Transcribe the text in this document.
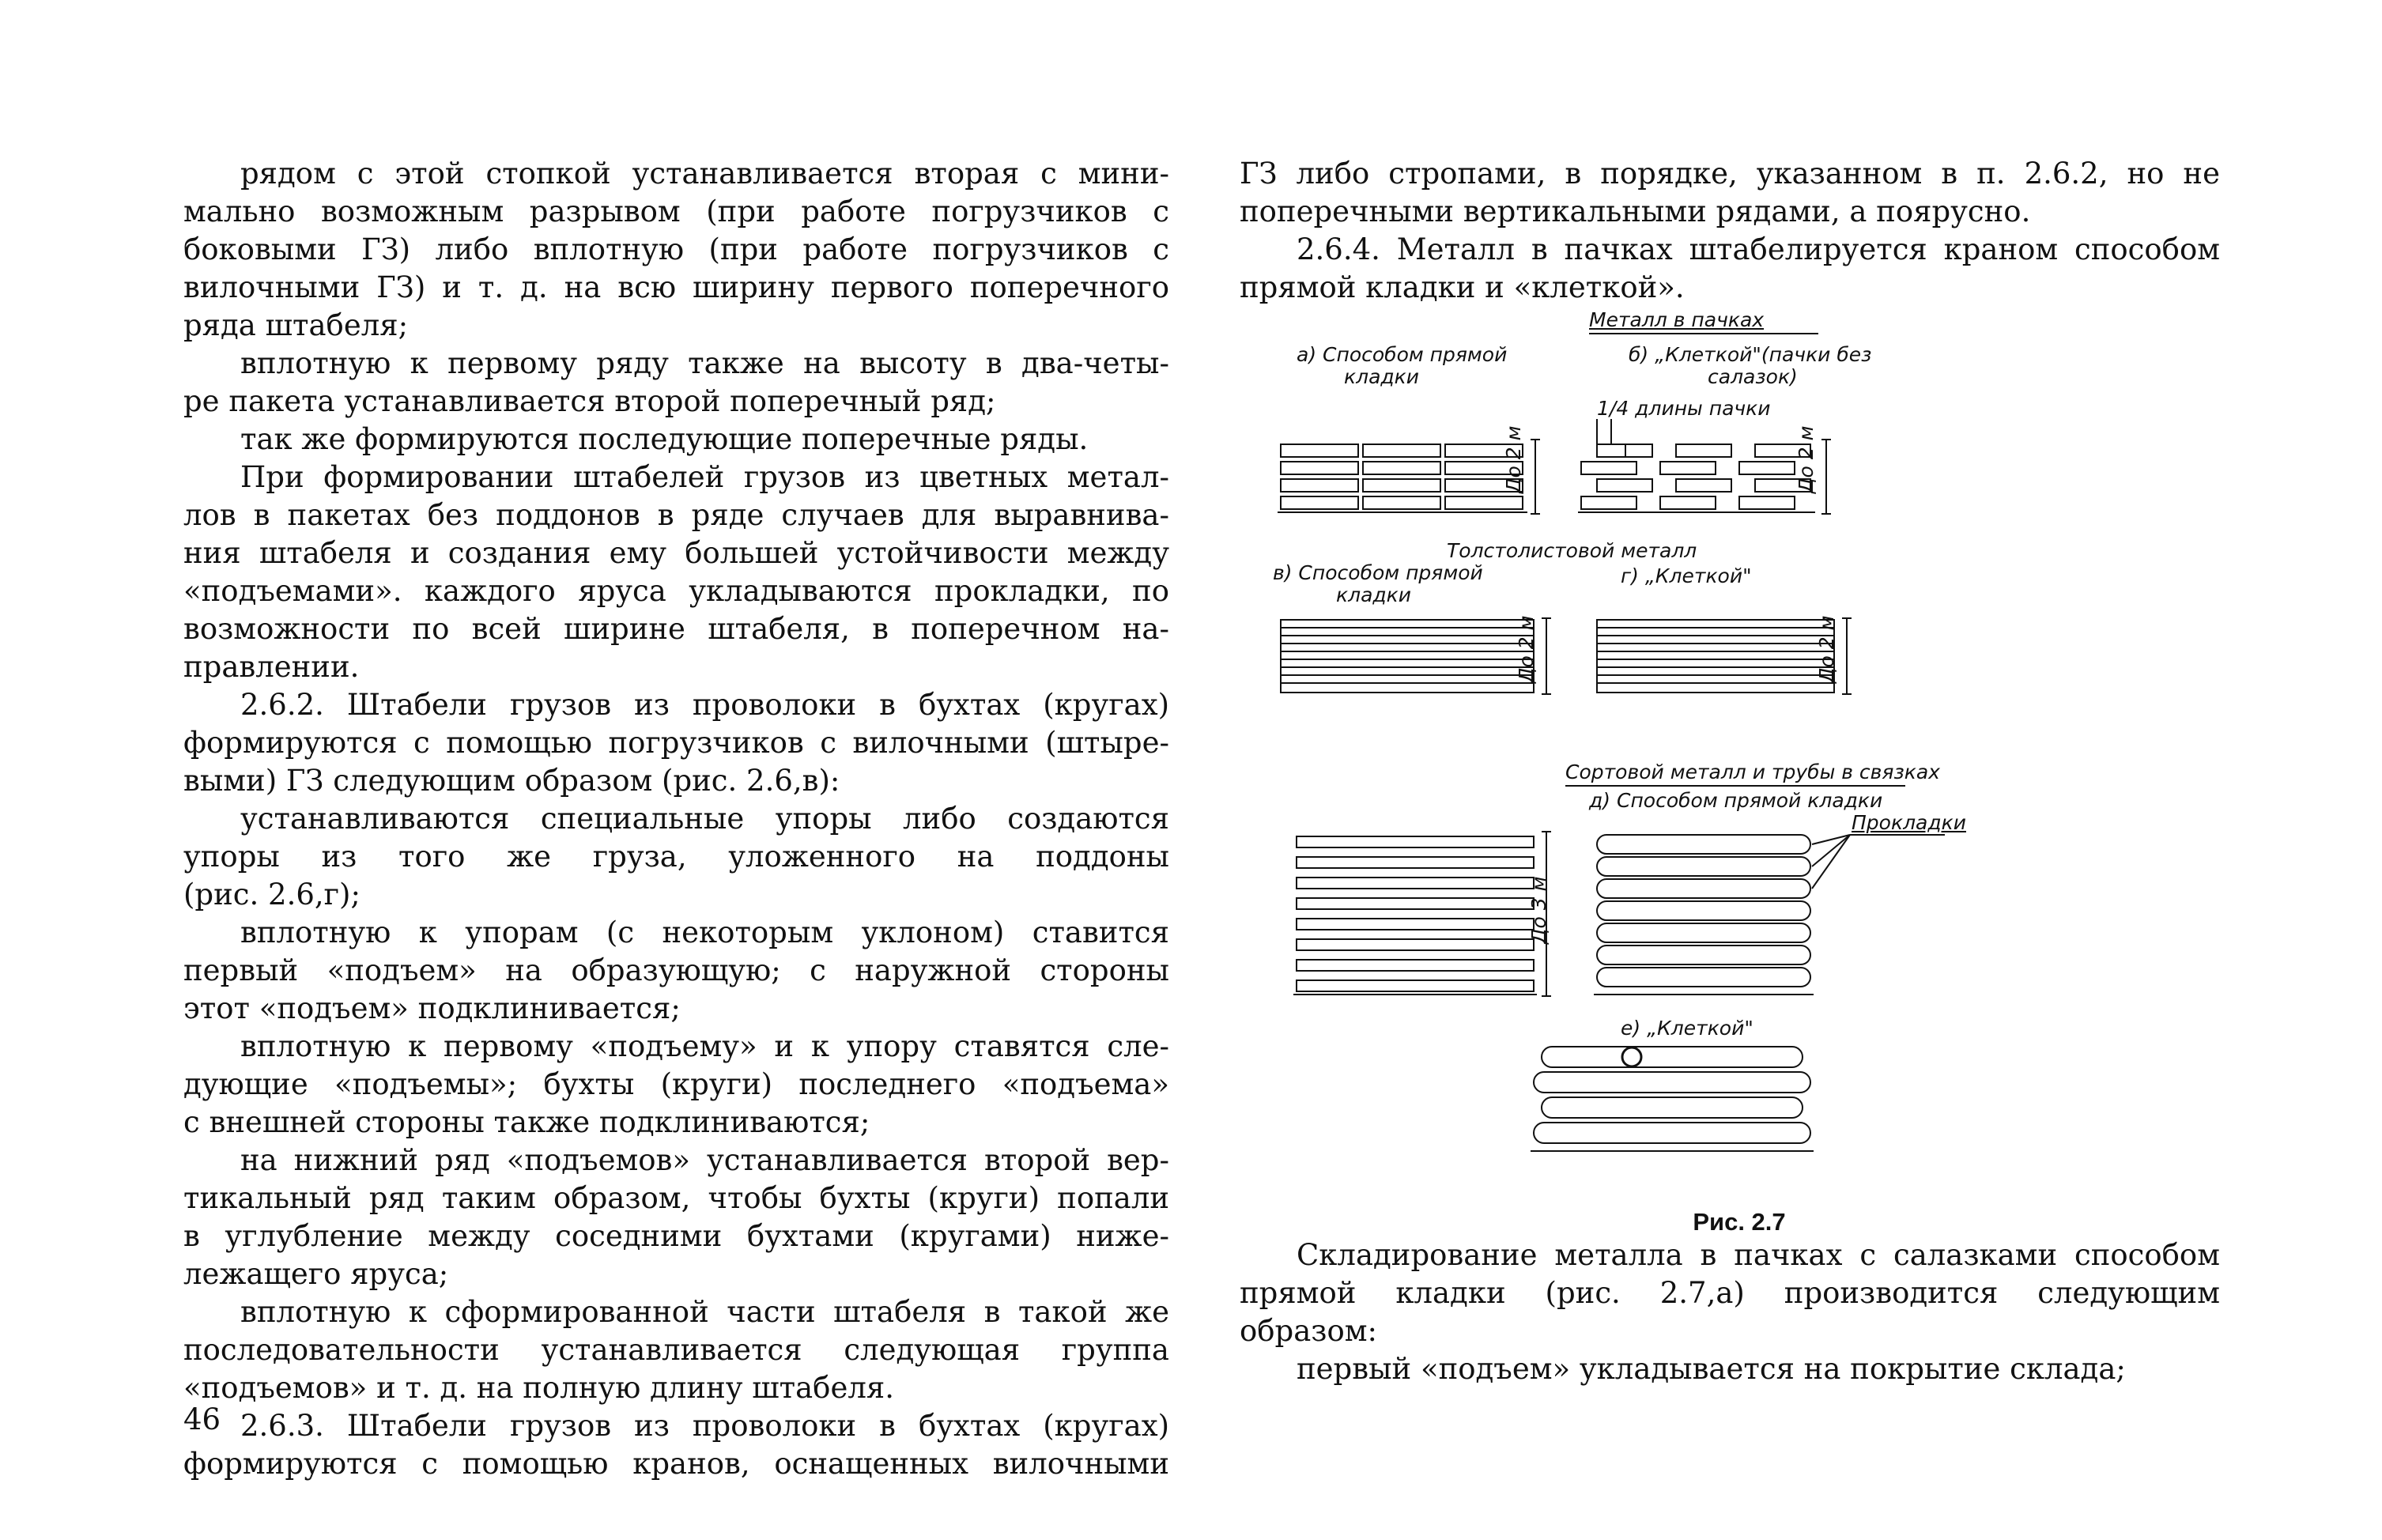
рядом с этой стопкой устанавливается вторая с мини-

мально возможным разрывом (при работе погрузчиков с

боковыми ГЗ) либо вплотную (при работе погрузчиков с

вилочными ГЗ) и т. д. на всю ширину первого поперечного

ряда штабеля;

вплотную к первому ряду также на высоту в два-четы-

ре пакета устанавливается второй поперечный ряд;

так же формируются последующие поперечные ряды.

При формировании штабелей грузов из цветных метал-

лов в пакетах без поддонов в ряде случаев для выравнива-

ния штабеля и создания ему большей устойчивости между

«подъемами». каждого яруса укладываются прокладки, по

возможности по всей ширине штабеля, в поперечном на-

правлении.

2.6.2. Штабели грузов из проволоки в бухтах (кругах)

формируются с помощью погрузчиков с вилочными (штыре-

выми) ГЗ следующим образом (рис. 2.6,в):

устанавливаются специальные упоры либо создаются

упоры из того же груза, уложенного на поддоны

(рис. 2.6,г);

вплотную к упорам (с некоторым уклоном) ставится

первый «подъем» на образующую; с наружной стороны

этот «подъем» подклинивается;

вплотную к первому «подъему» и к упору ставятся сле-

дующие «подъемы»; бухты (круги) последнего «подъема»

с внешней стороны также подклиниваются;

на нижний ряд «подъемов» устанавливается второй вер-

тикальный ряд таким образом, чтобы бухты (круги) попали

в углубление между соседними бухтами (кругами) ниже-

лежащего яруса;

вплотную к сформированной части штабеля в такой же

последовательности устанавливается следующая группа

«подъемов» и т. д. на полную длину штабеля.

2.6.3. Штабели грузов из проволоки в бухтах (кругах)

формируются с помощью кранов, оснащенных вилочными

46

ГЗ либо стропами, в порядке, указанном в п. 2.6.2, но не

поперечными вертикальными рядами, а поярусно.

2.6.4. Металл в пачках штабелируется краном способом

прямой кладки и «клеткой».

Металл в пачках
а) Способом прямой
кладки
б) „Клеткой"(пачки без
салазок)
1/4 длины пачки
До 2 м	До 2 м
Толстолистовой металл
в) Способом прямой
кладки
г) „Клеткой"
До 2 м	До 2 м
Сортовой металл и трубы в связках
д) Способом прямой кладки
Прокладки
До 3 м
е) „Клеткой"
Рис. 2.7

Складирование металла в пачках с салазками способом

прямой кладки (рис. 2.7,а) производится следующим

образом:

первый «подъем» укладывается на покрытие склада;
